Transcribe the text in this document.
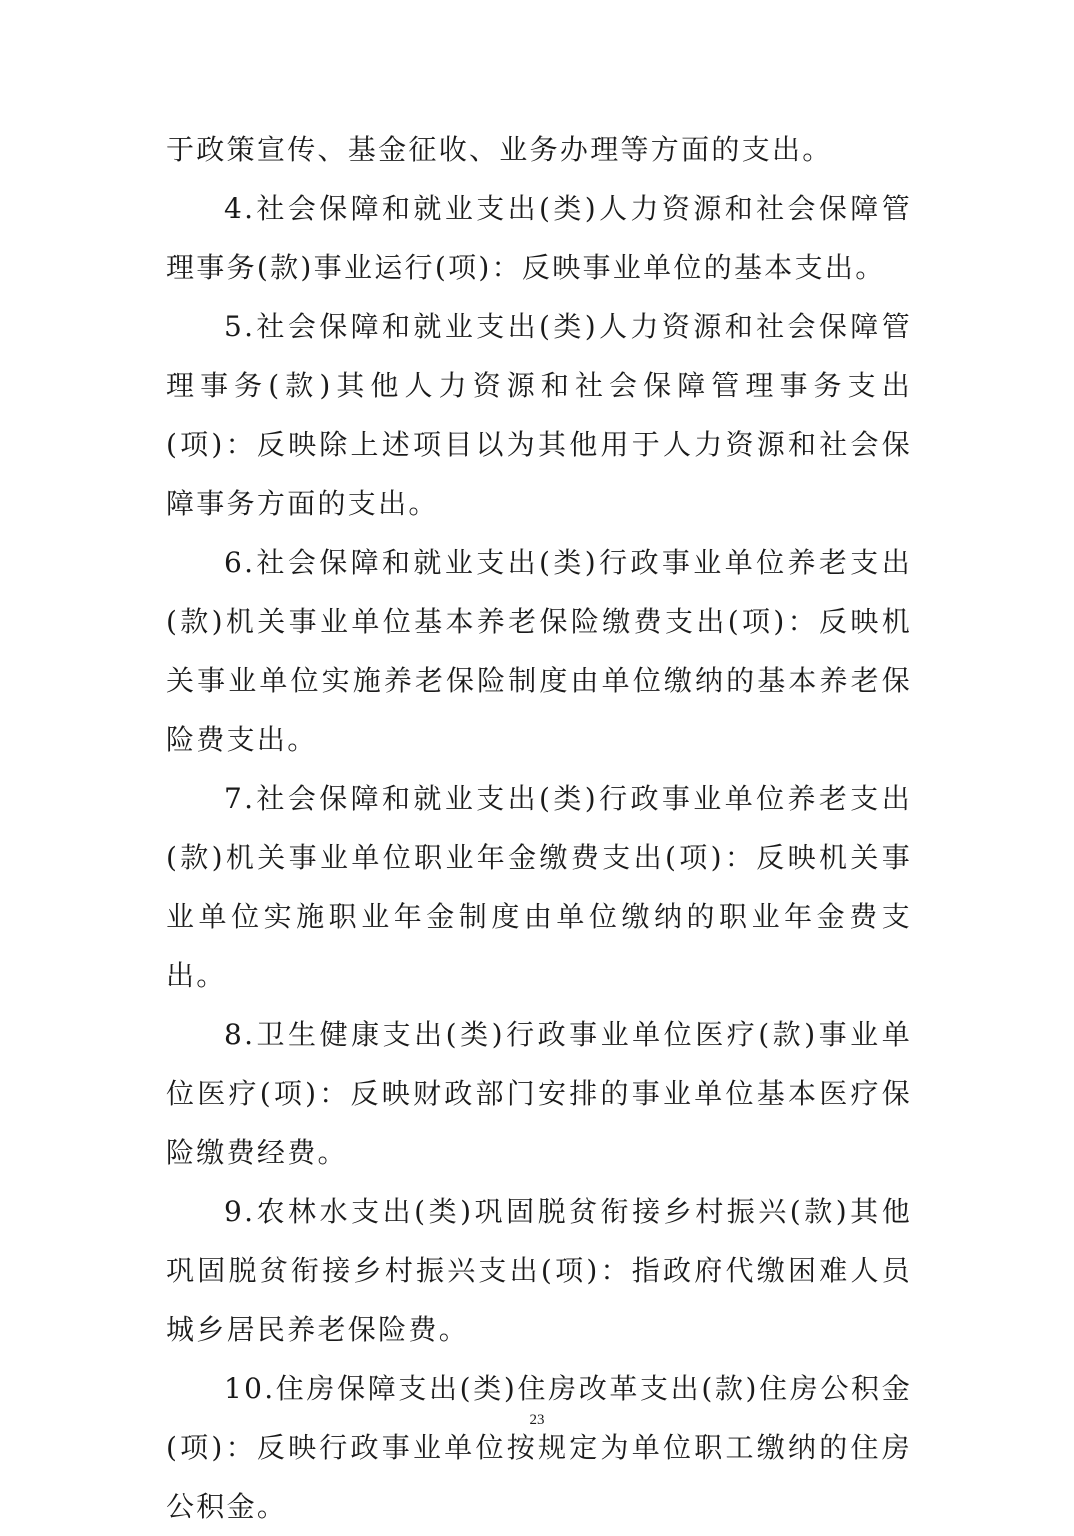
于政策宣传、基金征收、业务办理等方面的支出。

4.社会保障和就业支出(类)人力资源和社会保障管理事务(款)事业运行(项)：反映事业单位的基本支出。

5.社会保障和就业支出(类)人力资源和社会保障管理事务(款)其他人力资源和社会保障管理事务支出(项)：反映除上述项目以为其他用于人力资源和社会保障事务方面的支出。

6.社会保障和就业支出(类)行政事业单位养老支出(款)机关事业单位基本养老保险缴费支出(项)：反映机关事业单位实施养老保险制度由单位缴纳的基本养老保险费支出。

7.社会保障和就业支出(类)行政事业单位养老支出(款)机关事业单位职业年金缴费支出(项)：反映机关事业单位实施职业年金制度由单位缴纳的职业年金费支出。

8.卫生健康支出(类)行政事业单位医疗(款)事业单位医疗(项)：反映财政部门安排的事业单位基本医疗保险缴费经费。

9.农林水支出(类)巩固脱贫衔接乡村振兴(款)其他巩固脱贫衔接乡村振兴支出(项)：指政府代缴困难人员城乡居民养老保险费。

10.住房保障支出(类)住房改革支出(款)住房公积金(项)：反映行政事业单位按规定为单位职工缴纳的住房公积金。

23
